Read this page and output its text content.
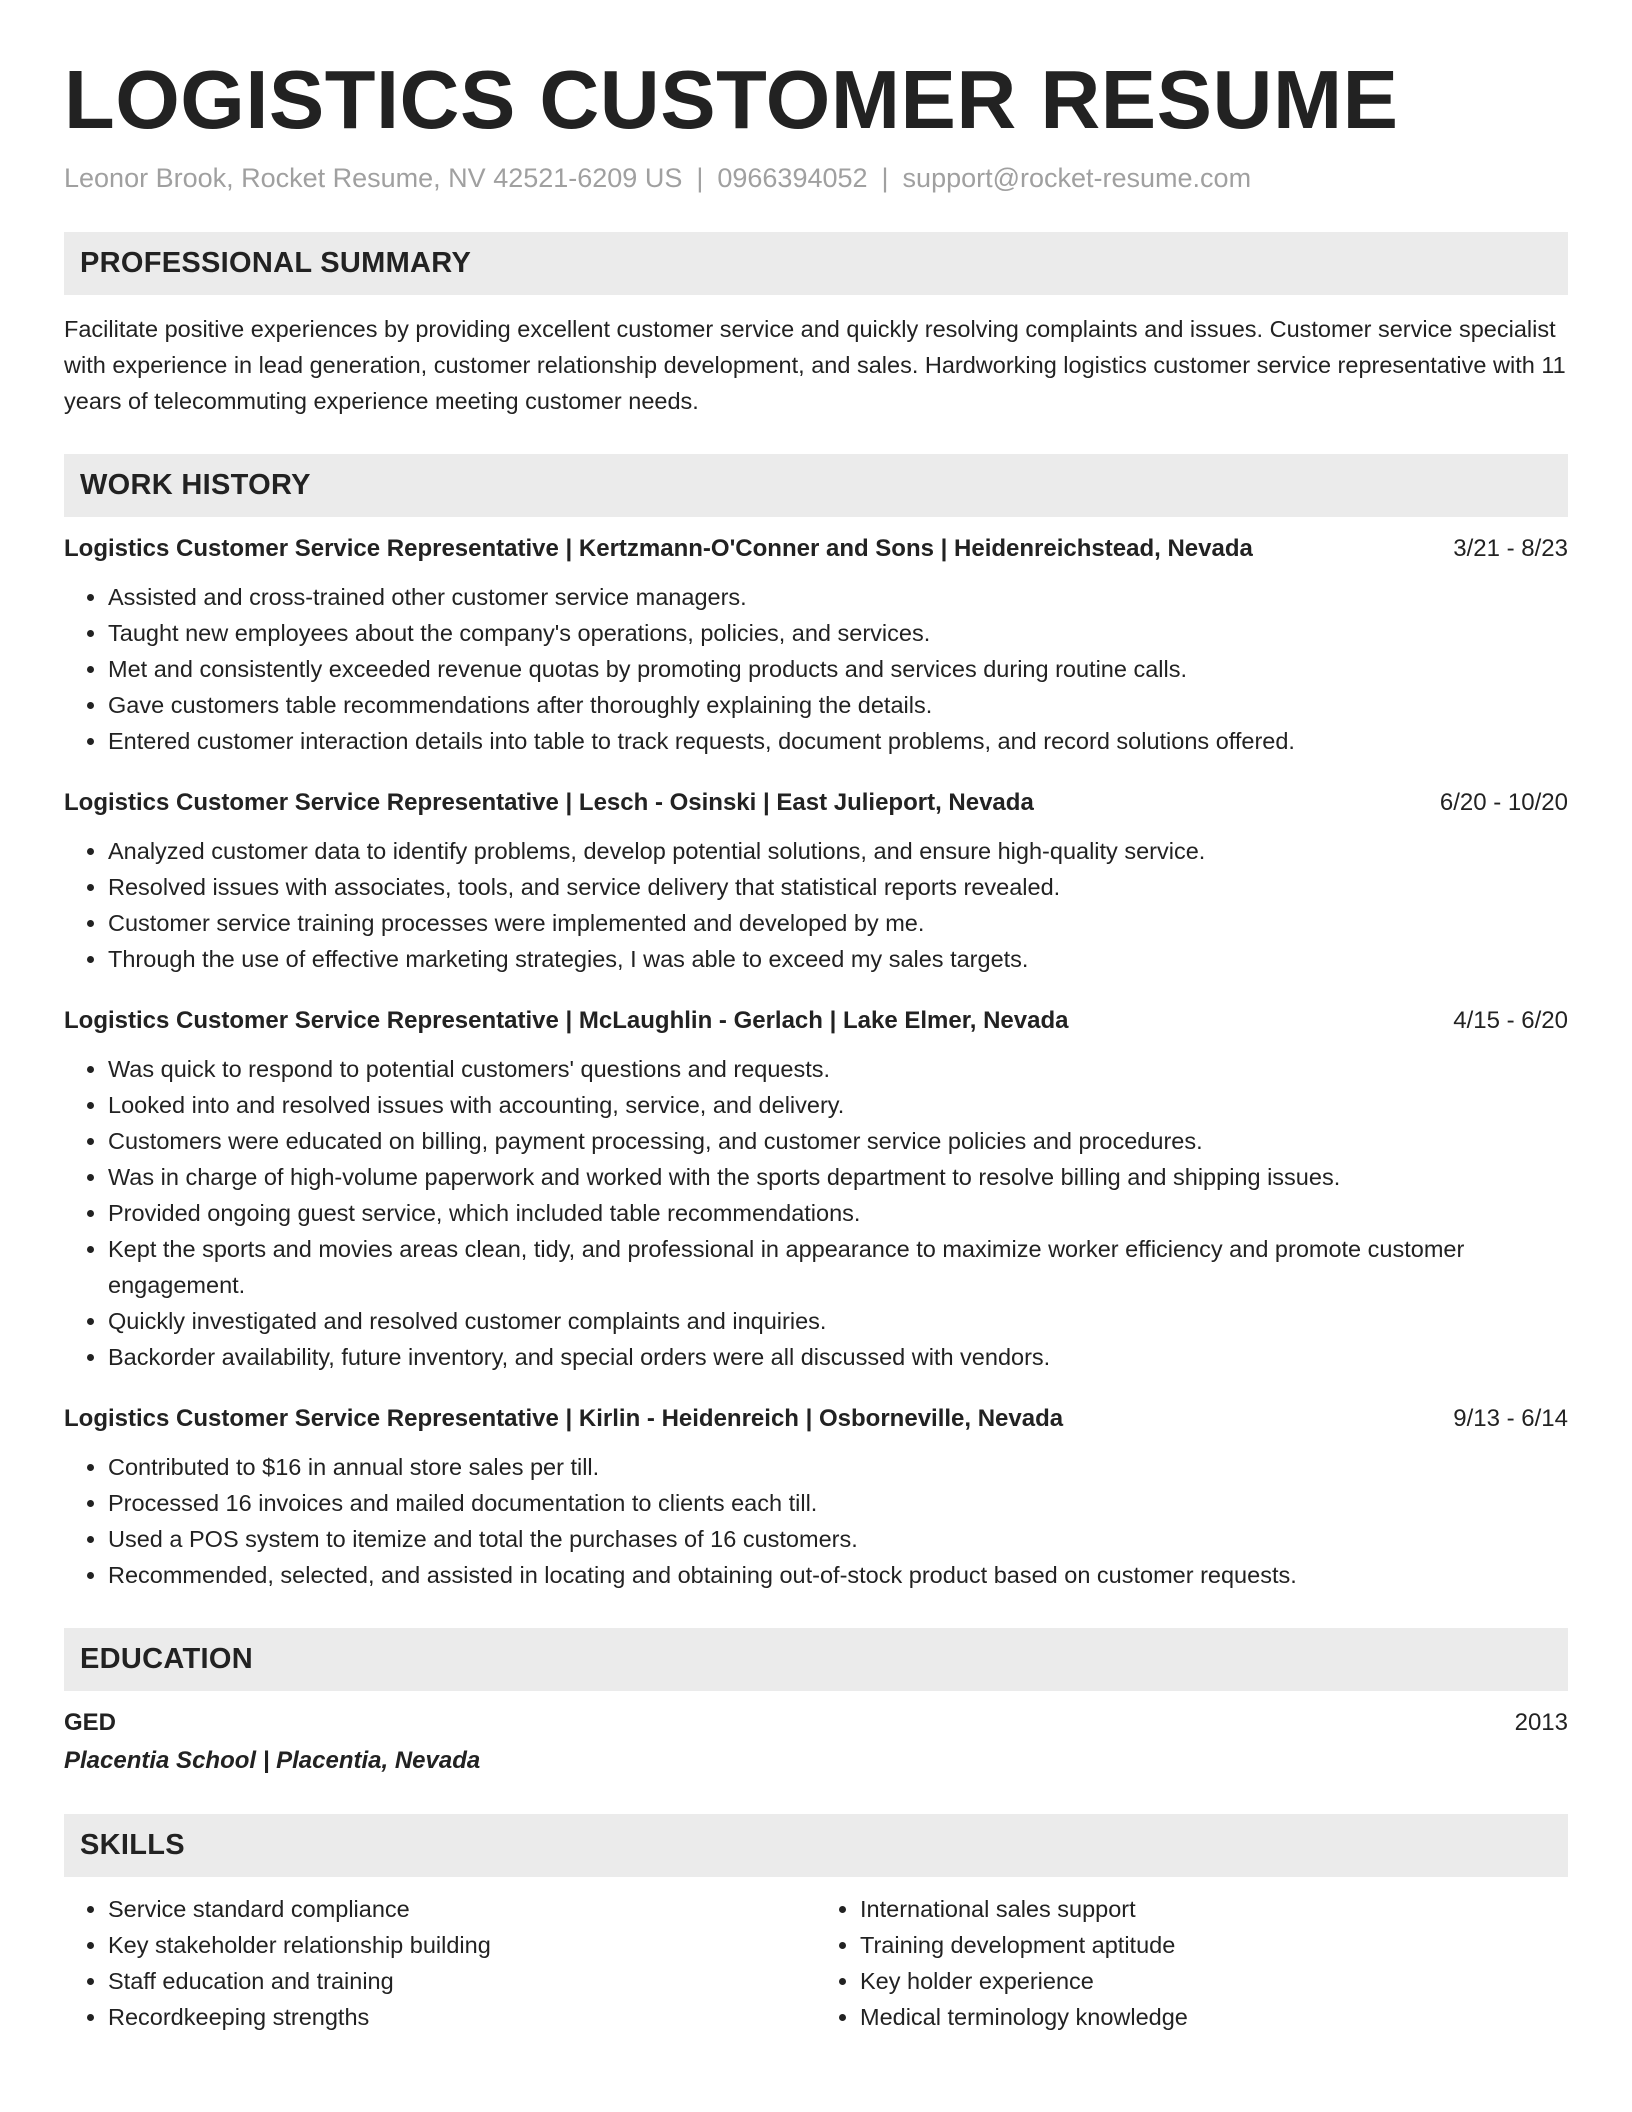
LOGISTICS CUSTOMER RESUME
Leonor Brook, Rocket Resume, NV 42521-6209 US | 0966394052 | support@rocket-resume.com
PROFESSIONAL SUMMARY
Facilitate positive experiences by providing excellent customer service and quickly resolving complaints and issues. Customer service specialist with experience in lead generation, customer relationship development, and sales. Hardworking logistics customer service representative with 11 years of telecommuting experience meeting customer needs.
WORK HISTORY
Logistics Customer Service Representative | Kertzmann-O'Conner and Sons | Heidenreichstead, Nevada	3/21 - 8/23
• Assisted and cross-trained other customer service managers.
• Taught new employees about the company's operations, policies, and services.
• Met and consistently exceeded revenue quotas by promoting products and services during routine calls.
• Gave customers table recommendations after thoroughly explaining the details.
• Entered customer interaction details into table to track requests, document problems, and record solutions offered.
Logistics Customer Service Representative | Lesch - Osinski | East Julieport, Nevada	6/20 - 10/20
• Analyzed customer data to identify problems, develop potential solutions, and ensure high-quality service.
• Resolved issues with associates, tools, and service delivery that statistical reports revealed.
• Customer service training processes were implemented and developed by me.
• Through the use of effective marketing strategies, I was able to exceed my sales targets.
Logistics Customer Service Representative | McLaughlin - Gerlach | Lake Elmer, Nevada	4/15 - 6/20
• Was quick to respond to potential customers' questions and requests.
• Looked into and resolved issues with accounting, service, and delivery.
• Customers were educated on billing, payment processing, and customer service policies and procedures.
• Was in charge of high-volume paperwork and worked with the sports department to resolve billing and shipping issues.
• Provided ongoing guest service, which included table recommendations.
• Kept the sports and movies areas clean, tidy, and professional in appearance to maximize worker efficiency and promote customer engagement.
• Quickly investigated and resolved customer complaints and inquiries.
• Backorder availability, future inventory, and special orders were all discussed with vendors.
Logistics Customer Service Representative | Kirlin - Heidenreich | Osborneville, Nevada	9/13 - 6/14
• Contributed to $16 in annual store sales per till.
• Processed 16 invoices and mailed documentation to clients each till.
• Used a POS system to itemize and total the purchases of 16 customers.
• Recommended, selected, and assisted in locating and obtaining out-of-stock product based on customer requests.
EDUCATION
GED	2013
Placentia School | Placentia, Nevada
SKILLS
• Service standard compliance
• Key stakeholder relationship building
• Staff education and training
• Recordkeeping strengths
• International sales support
• Training development aptitude
• Key holder experience
• Medical terminology knowledge
